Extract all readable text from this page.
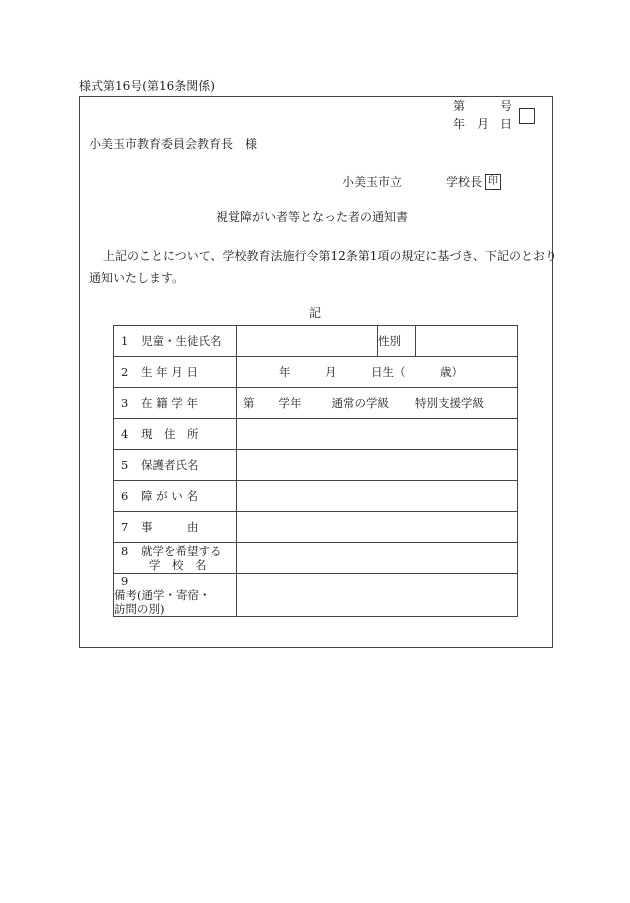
様式第16号(第16条関係)
第	号
年 月 日
小美玉市教育委員会教育長　様
小美玉市立	学校長 印
視覚障がい者等となった者の通知書
上記のことについて、学校教育法施行令第12条第1項の規定に基づき、下記のとおり
通知いたします。
記
1 児童・生徒氏名		性別	
2 生 年 月 日	年　　　月　　　日生（　　　歳）		
3 在 籍 学 年	第 学年 通常の学級 特別支援学級		
4 現　住　所			
5 保護者氏名			
6 障 が い 名			
7 事　　　由			
8 就学を希望する
学　校　名			
9備考(通学・寄宿・
訪問の別)			
